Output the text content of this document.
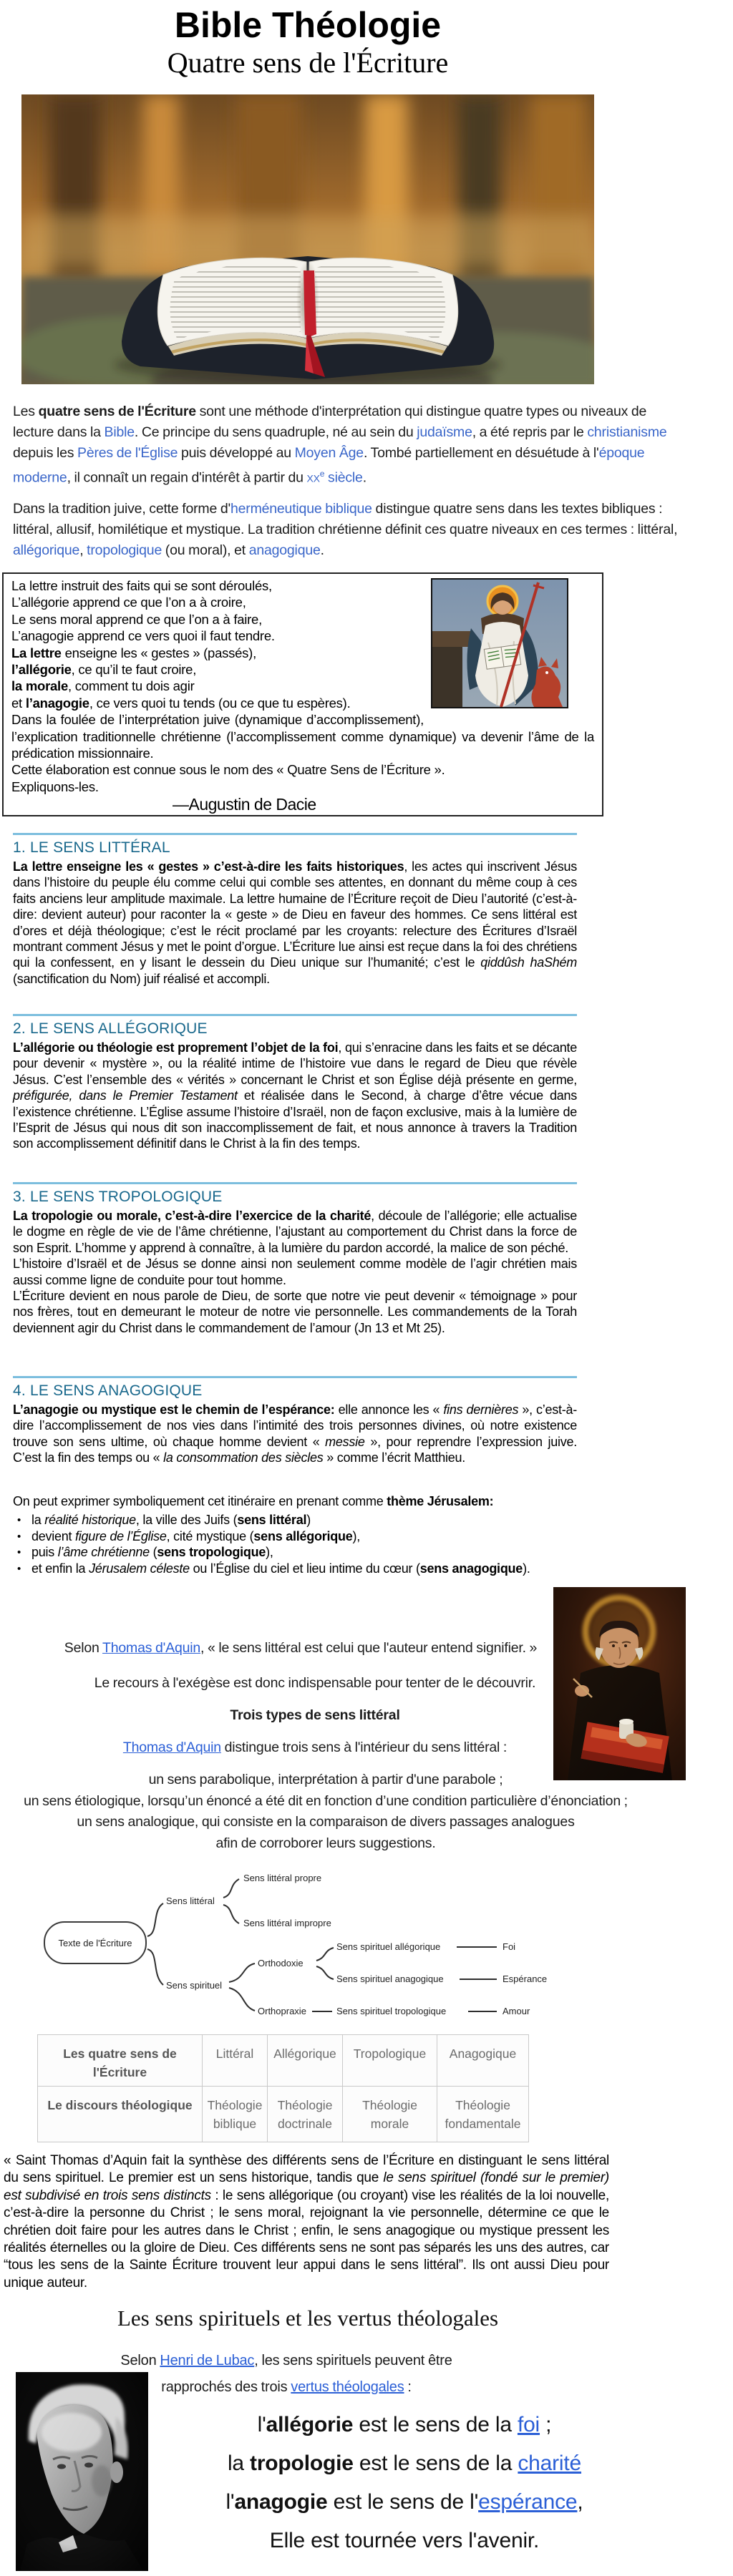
Bible Théologie
Quatre sens de l'Écriture
Les quatre sens de l'Écriture sont une méthode d'interprétation qui distingue quatre types ou niveaux de lecture dans la Bible. Ce principe du sens quadruple, né au sein du judaïsme, a été repris par le christianisme depuis les Pères de l'Église puis développé au Moyen Âge. Tombé partiellement en désuétude à l'époque moderne, il connaît un regain d'intérêt à partir du $xx^e$ siècle.
Dans la tradition juive, cette forme d'herméneutique biblique distingue quatre sens dans les textes bibliques : littéral, allusif, homilétique et mystique. La tradition chrétienne définit ces quatre niveaux en ces termes : littéral, allégorique, tropologique (ou moral), et anagogique.
La lettre instruit des faits qui se sont déroulés,
L’allégorie apprend ce que l’on a à croire,
Le sens moral apprend ce que l’on a à faire,
L’anagogie apprend ce vers quoi il faut tendre.
La lettre enseigne les « gestes » (passés),
l’allégorie, ce qu’il te faut croire,
la morale, comment tu dois agir
et l’anagogie, ce vers quoi tu tends (ou ce que tu espères).
Dans la foulée de l’interprétation juive (dynamique d’accomplissement), l’explication traditionnelle chrétienne (l’accomplissement comme dynamique) va devenir l’âme de la prédication missionnaire.
Cette élaboration est connue sous le nom des « Quatre Sens de l’Écriture ».
Expliquons-les.
—Augustin de Dacie
1. LE SENS LITTÉRAL
La lettre enseigne les « gestes » c’est-à-dire les faits historiques, les actes qui inscrivent Jésus dans l’histoire du peuple élu comme celui qui comble ses attentes, en donnant du même coup à ces faits anciens leur amplitude maximale. La lettre humaine de l’Écriture reçoit de Dieu l’autorité (c’est-à-dire: devient auteur) pour raconter la « geste » de Dieu en faveur des hommes. Ce sens littéral est d’ores et déjà théologique; c’est le récit proclamé par les croyants: relecture des Écritures d’Israël montrant comment Jésus y met le point d’orgue. L’Écriture lue ainsi est reçue dans la foi des chrétiens qui la confessent, en y lisant le dessein du Dieu unique sur l’humanité; c’est le qiddûsh haShém (sanctification du Nom) juif réalisé et accompli.
2. LE SENS ALLÉGORIQUE
L’allégorie ou théologie est proprement l’objet de la foi, qui s’enracine dans les faits et se décante pour devenir « mystère », ou la réalité intime de l’histoire vue dans le regard de Dieu que révèle Jésus. C’est l’ensemble des « vérités » concernant le Christ et son Église déjà présente en germe, préfigurée, dans le Premier Testament et réalisée dans le Second, à charge d’être vécue dans l’existence chrétienne. L’Église assume l’histoire d’Israël, non de façon exclusive, mais à la lumière de l’Esprit de Jésus qui nous dit son inaccomplissement de fait, et nous annonce à travers la Tradition son accomplissement définitif dans le Christ à la fin des temps.
3. LE SENS TROPOLOGIQUE
La tropologie ou morale, c’est-à-dire l’exercice de la charité, découle de l’allégorie; elle actualise le dogme en règle de vie de l’âme chrétienne, l’ajustant au comportement du Christ dans la force de son Esprit. L’homme y apprend à connaître, à la lumière du pardon accordé, la malice de son péché.
L’histoire d’Israël et de Jésus se donne ainsi non seulement comme modèle de l’agir chrétien mais aussi comme ligne de conduite pour tout homme.
L’Écriture devient en nous parole de Dieu, de sorte que notre vie peut devenir « témoignage » pour nos frères, tout en demeurant le moteur de notre vie personnelle. Les commandements de la Torah deviennent agir du Christ dans le commandement de l’amour (Jn 13 et Mt 25).
4. LE SENS ANAGOGIQUE
L’anagogie ou mystique est le chemin de l’espérance: elle annonce les « fins dernières », c’est-à-dire l’accomplissement de nos vies dans l’intimité des trois personnes divines, où notre existence trouve son sens ultime, où chaque homme devient « messie », pour reprendre l’expression juive. C’est la fin des temps ou « la consommation des siècles » comme l’écrit Matthieu.
On peut exprimer symboliquement cet itinéraire en prenant comme thème Jérusalem:
• la réalité historique, la ville des Juifs (sens littéral)
• devient figure de l’Église, cité mystique (sens allégorique),
• puis l’âme chrétienne (sens tropologique),
• et enfin la Jérusalem céleste ou l’Église du ciel et lieu intime du cœur (sens anagogique).
Selon Thomas d'Aquin, « le sens littéral est celui que l'auteur entend signifier. »
Le recours à l'exégèse est donc indispensable pour tenter de le découvrir.
Trois types de sens littéral
Thomas d'Aquin distingue trois sens à l'intérieur du sens littéral :
un sens parabolique, interprétation à partir d'une parabole ;
un sens étiologique, lorsqu’un énoncé a été dit en fonction d’une condition particulière d’énonciation ;
un sens analogique, qui consiste en la comparaison de divers passages analogues
afin de corroborer leurs suggestions.
Texte de l'Écriture
Sens littéral
Sens littéral propre
Sens littéral impropre
Sens spirituel
Orthodoxie
Orthopraxie
Sens spirituel allégorique
Sens spirituel anagogique
Sens spirituel tropologique
Foi
Espérance
Amour
Les quatre sens de l'Écriture	Littéral	Allégorique	Tropologique	Anagogique
Le discours théologique	Théologie biblique	Théologie doctrinale	Théologie morale	Théologie fondamentale
« Saint Thomas d’Aquin fait la synthèse des différents sens de l’Écriture en distinguant le sens littéral du sens spirituel. Le premier est un sens historique, tandis que le sens spirituel (fondé sur le premier) est subdivisé en trois sens distincts : le sens allégorique (ou croyant) vise les réalités de la loi nouvelle, c’est-à-dire la personne du Christ ; le sens moral, rejoignant la vie personnelle, détermine ce que le chrétien doit faire pour les autres dans le Christ ; enfin, le sens anagogique ou mystique pressent les réalités éternelles ou la gloire de Dieu. Ces différents sens ne sont pas séparés les uns des autres, car “tous les sens de la Sainte Écriture trouvent leur appui dans le sens littéral”. Ils ont aussi Dieu pour unique auteur.
Les sens spirituels et les vertus théologales
Selon Henri de Lubac, les sens spirituels peuvent être
rapprochés des trois vertus théologales :
l'allégorie est le sens de la foi ;
la tropologie est le sens de la charité
l'anagogie est le sens de l'espérance,
Elle est tournée vers l'avenir.
